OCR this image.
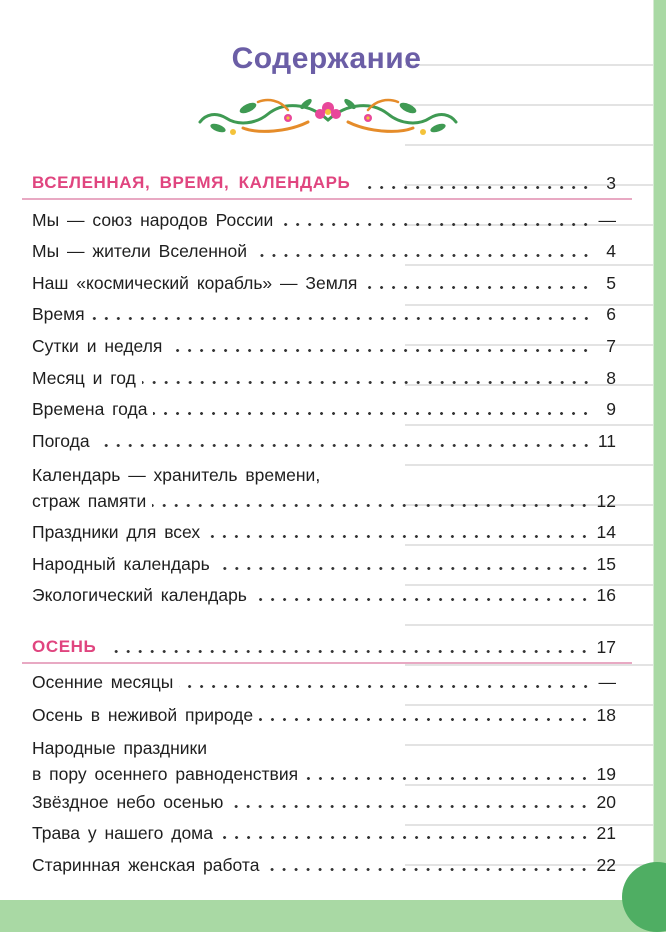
Содержание
ВСЕЛЕННАЯ, ВРЕМЯ, КАЛЕНДАРЬ	3
Мы — союз народов России	—
Мы — жители Вселенной	4
Наш «космический корабль» — Земля	5
Время	6
Сутки и неделя	7
Месяц и год	8
Времена года	9
Погода	11
Календарь — хранитель времени,
страж памяти	12
Праздники для всех	14
Народный календарь	15
Экологический календарь	16
ОСЕНЬ	17
Осенние месяцы	—
Осень в неживой природе	18
Народные праздники
в пору осеннего равноденствия	19
Звёздное небо осенью	20
Трава у нашего дома	21
Старинная женская работа	22
